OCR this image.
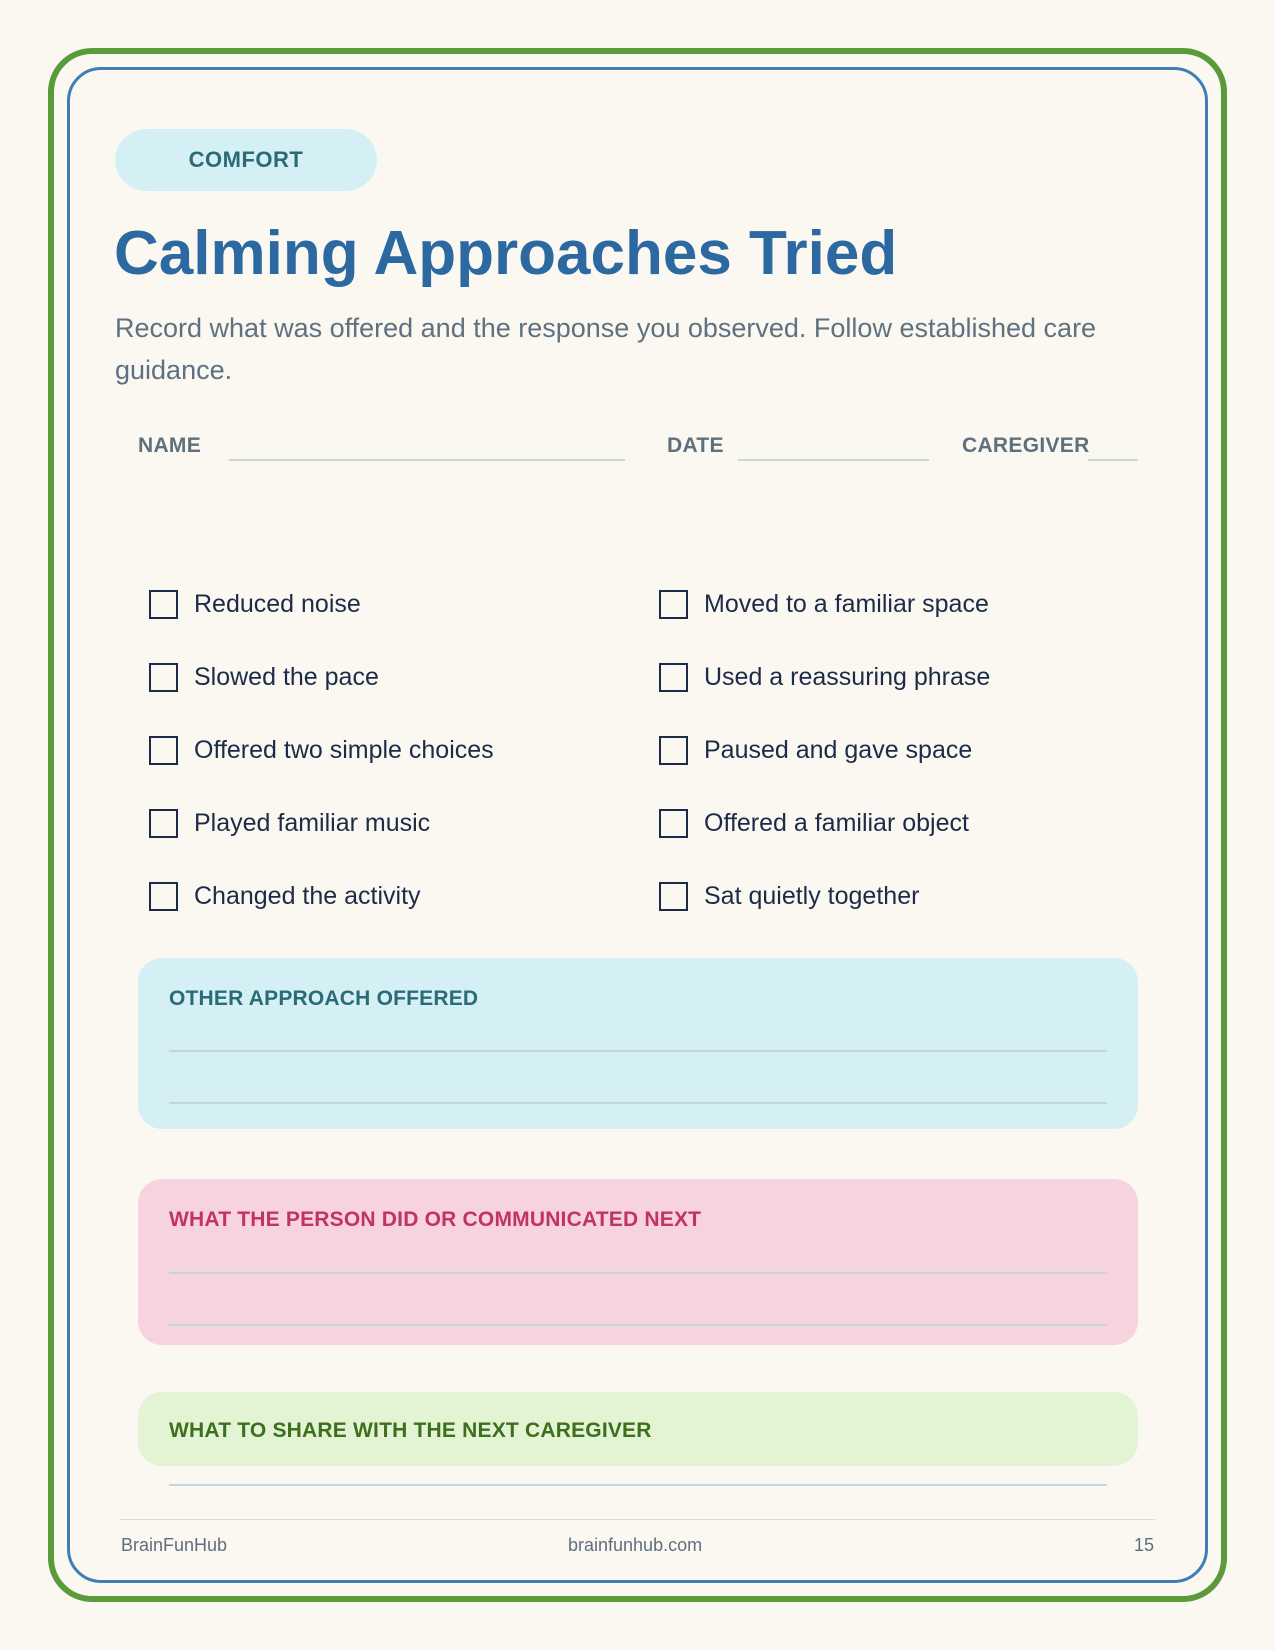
COMFORT
Calming Approaches Tried

Record what was offered and the response you observed. Follow established care guidance.

NAME	DATE	CAREGIVER
Reduced noise
Slowed the pace
Offered two simple choices
Played familiar music
Changed the activity
Moved to a familiar space
Used a reassuring phrase
Paused and gave space
Offered a familiar object
Sat quietly together
OTHER APPROACH OFFERED
WHAT THE PERSON DID OR COMMUNICATED NEXT
WHAT TO SHARE WITH THE NEXT CAREGIVER
BrainFunHub	brainfunhub.com	15
